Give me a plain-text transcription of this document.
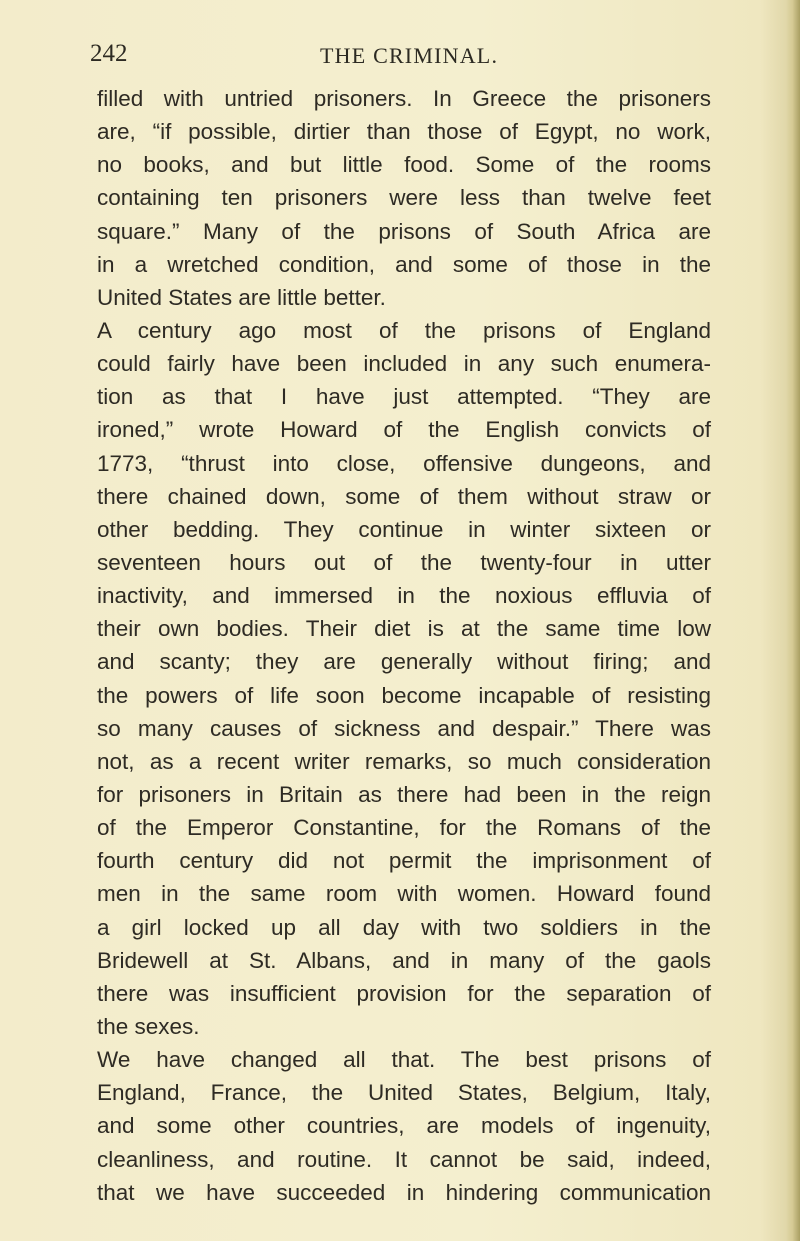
242	THE CRIMINAL.
filled with untried prisoners. In Greece the prisoners
are, “if possible, dirtier than those of Egypt, no work,
no books, and but little food. Some of the rooms
containing ten prisoners were less than twelve feet
square.” Many of the prisons of South Africa are
in a wretched condition, and some of those in the
United States are little better.
A century ago most of the prisons of England
could fairly have been included in any such enumera-
tion as that I have just attempted. “They are
ironed,” wrote Howard of the English convicts of
1773, “thrust into close, offensive dungeons, and
there chained down, some of them without straw or
other bedding. They continue in winter sixteen or
seventeen hours out of the twenty-four in utter
inactivity, and immersed in the noxious effluvia of
their own bodies. Their diet is at the same time low
and scanty; they are generally without firing; and
the powers of life soon become incapable of resisting
so many causes of sickness and despair.” There was
not, as a recent writer remarks, so much consideration
for prisoners in Britain as there had been in the reign
of the Emperor Constantine, for the Romans of the
fourth century did not permit the imprisonment of
men in the same room with women. Howard found
a girl locked up all day with two soldiers in the
Bridewell at St. Albans, and in many of the gaols
there was insufficient provision for the separation of
the sexes.
We have changed all that. The best prisons of
England, France, the United States, Belgium, Italy,
and some other countries, are models of ingenuity,
cleanliness, and routine. It cannot be said, indeed,
that we have succeeded in hindering communication
